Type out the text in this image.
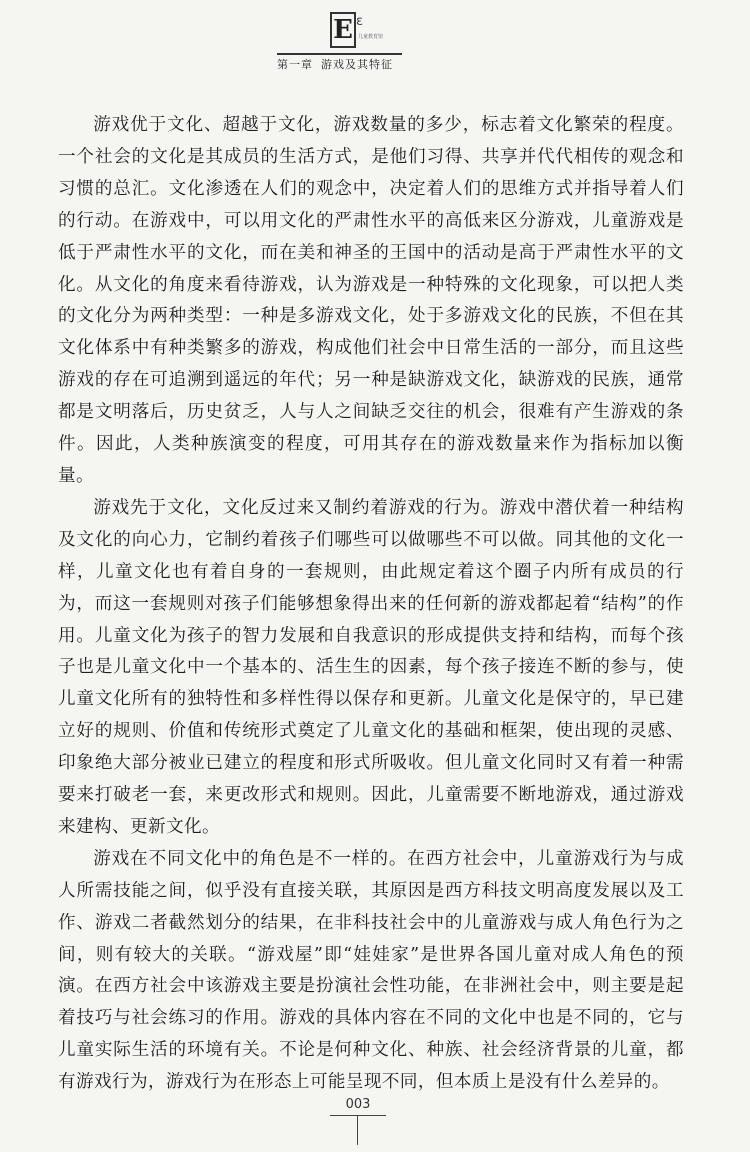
E ε
儿童教育馆
第一章 游戏及其特征

游戏优于文化、超越于文化，游戏数量的多少，标志着文化繁荣的程度。一个社会的文化是其成员的生活方式，是他们习得、共享并代代相传的观念和习惯的总汇。文化渗透在人们的观念中，决定着人们的思维方式并指导着人们的行动。在游戏中，可以用文化的严肃性水平的高低来区分游戏，儿童游戏是低于严肃性水平的文化，而在美和神圣的王国中的活动是高于严肃性水平的文化。从文化的角度来看待游戏，认为游戏是一种特殊的文化现象，可以把人类的文化分为两种类型：一种是多游戏文化，处于多游戏文化的民族，不但在其文化体系中有种类繁多的游戏，构成他们社会中日常生活的一部分，而且这些游戏的存在可追溯到遥远的年代；另一种是缺游戏文化，缺游戏的民族，通常都是文明落后，历史贫乏，人与人之间缺乏交往的机会，很难有产生游戏的条件。因此，人类种族演变的程度，可用其存在的游戏数量来作为指标加以衡量。

游戏先于文化，文化反过来又制约着游戏的行为。游戏中潜伏着一种结构及文化的向心力，它制约着孩子们哪些可以做哪些不可以做。同其他的文化一样，儿童文化也有着自身的一套规则，由此规定着这个圈子内所有成员的行为，而这一套规则对孩子们能够想象得出来的任何新的游戏都起着“结构”的作用。儿童文化为孩子的智力发展和自我意识的形成提供支持和结构，而每个孩子也是儿童文化中一个基本的、活生生的因素，每个孩子接连不断的参与，使儿童文化所有的独特性和多样性得以保存和更新。儿童文化是保守的，早已建立好的规则、价值和传统形式奠定了儿童文化的基础和框架，使出现的灵感、印象绝大部分被业已建立的程度和形式所吸收。但儿童文化同时又有着一种需要来打破老一套，来更改形式和规则。因此，儿童需要不断地游戏，通过游戏来建构、更新文化。

游戏在不同文化中的角色是不一样的。在西方社会中，儿童游戏行为与成人所需技能之间，似乎没有直接关联，其原因是西方科技文明高度发展以及工作、游戏二者截然划分的结果，在非科技社会中的儿童游戏与成人角色行为之间，则有较大的关联。“游戏屋”即“娃娃家”是世界各国儿童对成人角色的预演。在西方社会中该游戏主要是扮演社会性功能，在非洲社会中，则主要是起着技巧与社会练习的作用。游戏的具体内容在不同的文化中也是不同的，它与儿童实际生活的环境有关。不论是何种文化、种族、社会经济背景的儿童，都有游戏行为，游戏行为在形态上可能呈现不同，但本质上是没有什么差异的。

003
